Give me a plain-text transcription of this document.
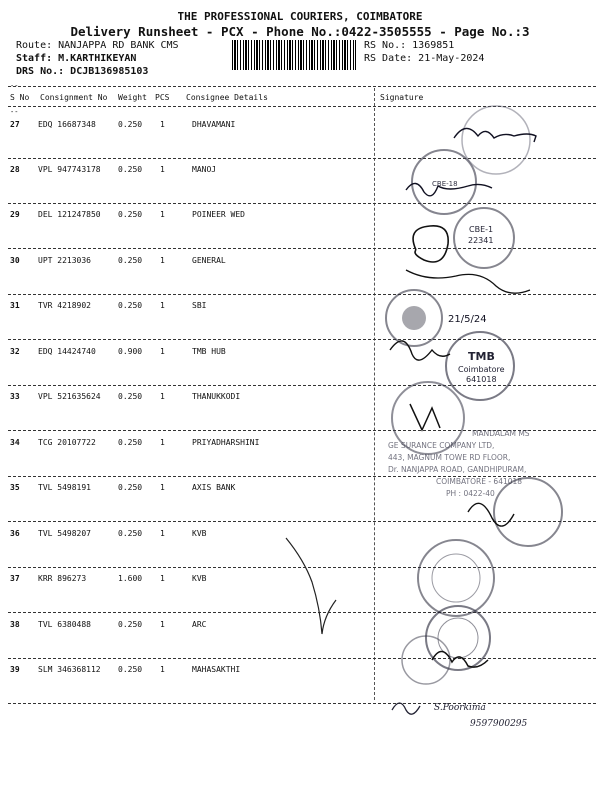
THE PROFESSIONAL COURIERS, COIMBATORE
Delivery Runsheet - PCX - Phone No.:0422-3505555 - Page No.:3
Route: NANJAPPA RD BANK CMS
Staff: M.KARTHIKEYAN
DRS No.: DCJB136985103
RS No.: 1369851
RS Date: 21-May-2024
--
S No Consignment No Weight PCS Consignee Details	Signature
--
27 EDQ 16687348	0.250 1	DHAVAMANI
28 VPL 947743178 0.250 1	MANOJ
29 DEL 121247850 0.250 1	POINEER WED
30 UPT 2213036	0.250 1	GENERAL
31 TVR 4218902	0.250 1	SBI
32 EDQ 14424740	0.900 1	TMB HUB
33 VPL 521635624 0.250 1	THANUKKODI
34 TCG 20107722	0.250 1	PRIYADHARSHINI
35 TVL 5498191	0.250 1	AXIS BANK
36 TVL 5498207	0.250 1	KVB
37 KRR 896273	1.600 1	KVB
38 TVL 6380488	0.250 1	ARC
39 SLM 346368112 0.250 1	MAHASAKTHI
CBE-18
CBE-1
22341
21/5/24
TMB
Coimbatore
641018
MANDALAM MS
GE SURANCE COMPANY LTD,
443, MAGNUM TOWE RD FLOOR,
Dr. NANJAPPA ROAD, GANDHIPURAM,
COIMBATORE - 641018
PH : 0422-40
S.Poorkima
9597900295
